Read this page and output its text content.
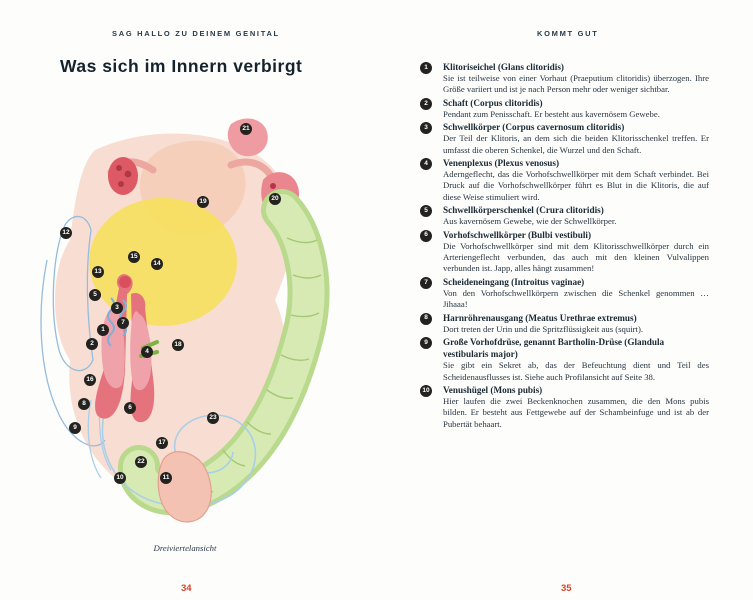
SAG HALLO ZU DEINEM GENITAL	KOMMT GUT
Was sich im Innern verbirgt
21
19	20
12
15
14
13
5
3
7
1
2	18
4
16
8
6
9
23
17
22
10	11
Dreiviertelansicht
1	Klitoriseichel (Glans clitoridis)
Sie ist teilweise von einer Vorhaut (Praeputium clitoridis) überzogen. Ihre Größe variiert und ist je nach Person mehr oder weniger sichtbar.
2	Schaft (Corpus clitoridis)
Pendant zum Penisschaft. Er besteht aus kavernösem Gewebe.
3	Schwellkörper (Corpus cavernosum clitoridis)
Der Teil der Klitoris, an dem sich die beiden Klitorisschenkel treffen. Er umfasst die oberen Schenkel, die Wurzel und den Schaft.
4	Venenplexus (Plexus venosus)
Aderngeflecht, das die Vorhofschwellkörper mit dem Schaft verbindet. Bei Druck auf die Vorhofschwellkörper führt es Blut in die Klitoris, die auf diese Weise stimuliert wird.
5	Schwellkörperschenkel (Crura clitoridis)
Aus kavernösem Gewebe, wie der Schwellkörper.
6	Vorhofschwellkörper (Bulbi vestibuli)
Die Vorhofschwellkörper sind mit dem Klitorisschwellkörper durch ein Arteriengeflecht verbunden, das auch mit den kleinen Vulvalippen verbunden ist. Japp, alles hängt zusammen!
7	Scheideneingang (Introitus vaginae)
Von den Vorhofschwellkörpern zwischen die Schenkel genommen … Jihaaa!
8	Harnröhrenausgang (Meatus Urethrae extremus)
Dort treten der Urin und die Spritzflüssigkeit aus (squirt).
9	Große Vorhofdrüse, genannt Bartholin-Drüse (Glandula vestibularis major)
Sie gibt ein Sekret ab, das der Befeuchtung dient und Teil des Scheidenausflusses ist. Siehe auch Profilansicht auf Seite 38.
10 Venushügel (Mons pubis)
Hier laufen die zwei Beckenknochen zusammen, die den Mons pubis bilden. Er besteht aus Fettgewebe auf der Schambeinfuge und ist ab der Pubertät behaart.
34	35
